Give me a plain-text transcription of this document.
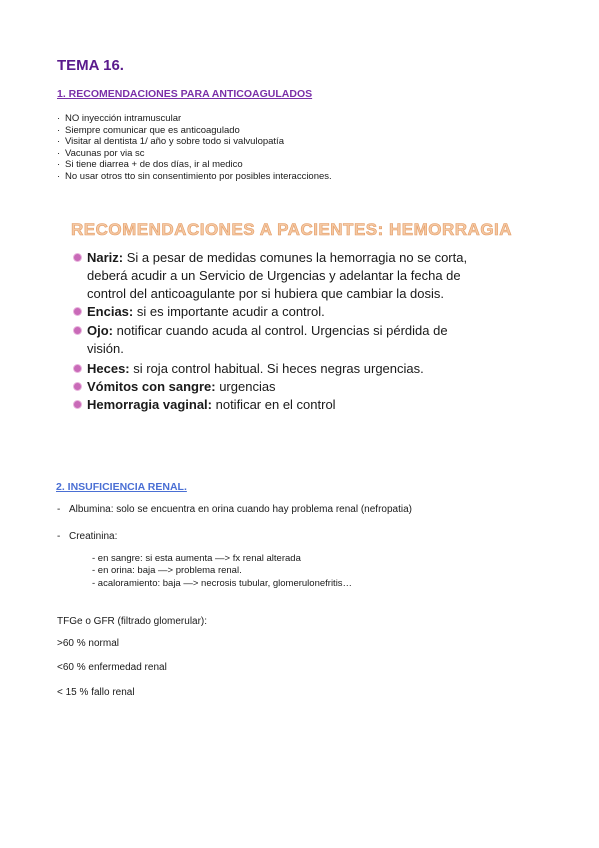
TEMA 16.
1. RECOMENDACIONES PARA ANTICOAGULADOS
· NO inyección intramuscular
· Siempre comunicar que es anticoagulado
· Visitar al dentista 1/ año y sobre todo si valvulopatía
· Vacunas por via sc
· Si tiene diarrea + de dos días, ir al medico
· No usar otros tto sin consentimiento por posibles interacciones.
RECOMENDACIONES A PACIENTES: HEMORRAGIA
Nariz: Si a pesar de medidas comunes la hemorragia no se corta, deberá acudir a un Servicio de Urgencias y adelantar la fecha de control del anticoagulante por si hubiera que cambiar la dosis.
Encias: si es importante acudir a control.
Ojo: notificar cuando acuda al control. Urgencias si pérdida de visión.
Heces: si roja control habitual. Si heces negras urgencias.
Vómitos con sangre: urgencias
Hemorragia vaginal: notificar en el control
2. INSUFICIENCIA RENAL.
- Albumina: solo se encuentra en orina cuando hay problema renal (nefropatia)
- Creatinina:
- en sangre: si esta aumenta —> fx renal alterada
- en orina: baja —> problema renal.
- acaloramiento: baja —> necrosis tubular, glomerulonefritis…
TFGe o GFR (filtrado glomerular):
>60 % normal
<60 % enfermedad renal
< 15 % fallo renal
